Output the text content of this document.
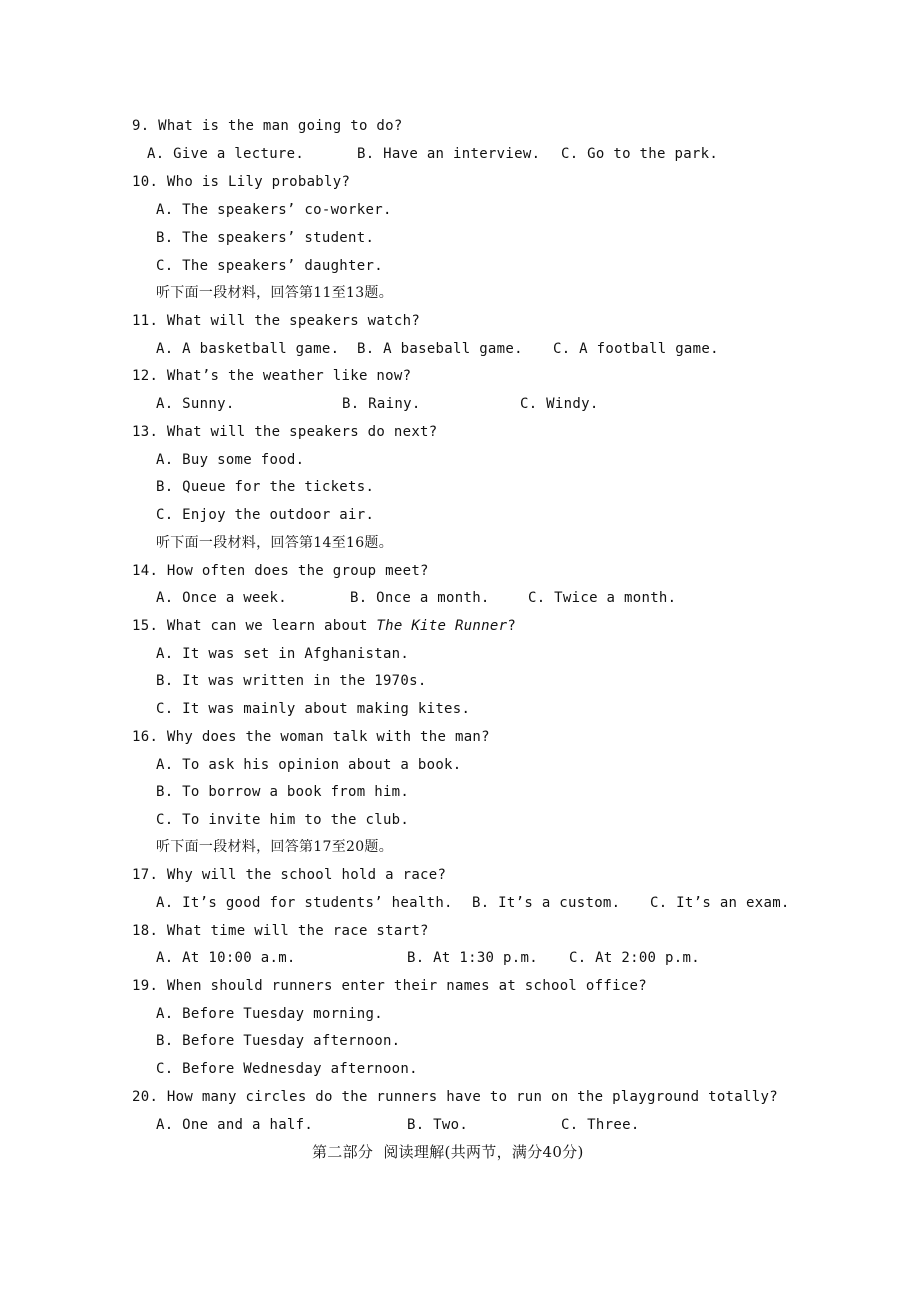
9. What is the man going to do?
A. Give a lecture.	B. Have an interview. C. Go to the park.
10. Who is Lily probably?
A. The speakers’ co-worker.
B. The speakers’ student.
C. The speakers’ daughter.
听下面一段材料，回答第11至13题。
11. What will the speakers watch?
A. A basketball game. B. A baseball game. C. A football game.
12. What’s the weather like now?
A. Sunny.	B. Rainy.	C. Windy.
13. What will the speakers do next?
A. Buy some food.
B. Queue for the tickets.
C. Enjoy the outdoor air.
听下面一段材料，回答第14至16题。
14. How often does the group meet?
A. Once a week.	B. Once a month.	C. Twice a month.
15. What can we learn about The Kite Runner?
A. It was set in Afghanistan.
B. It was written in the 1970s.
C. It was mainly about making kites.
16. Why does the woman talk with the man?
A. To ask his opinion about a book.
B. To borrow a book from him.
C. To invite him to the club.
听下面一段材料，回答第17至20题。
17. Why will the school hold a race?
A. It’s good for students’ health. B. It’s a custom. C. It’s an exam.
18. What time will the race start?
A. At 10:00 a.m.	B. At 1:30 p.m. C. At 2:00 p.m.
19. When should runners enter their names at school office?
A. Before Tuesday morning.
B. Before Tuesday afternoon.
C. Before Wednesday afternoon.
20. How many circles do the runners have to run on the playground totally?
A. One and a half.	B. Two.	C. Three.
第二部分  阅读理解(共两节，满分40分)
